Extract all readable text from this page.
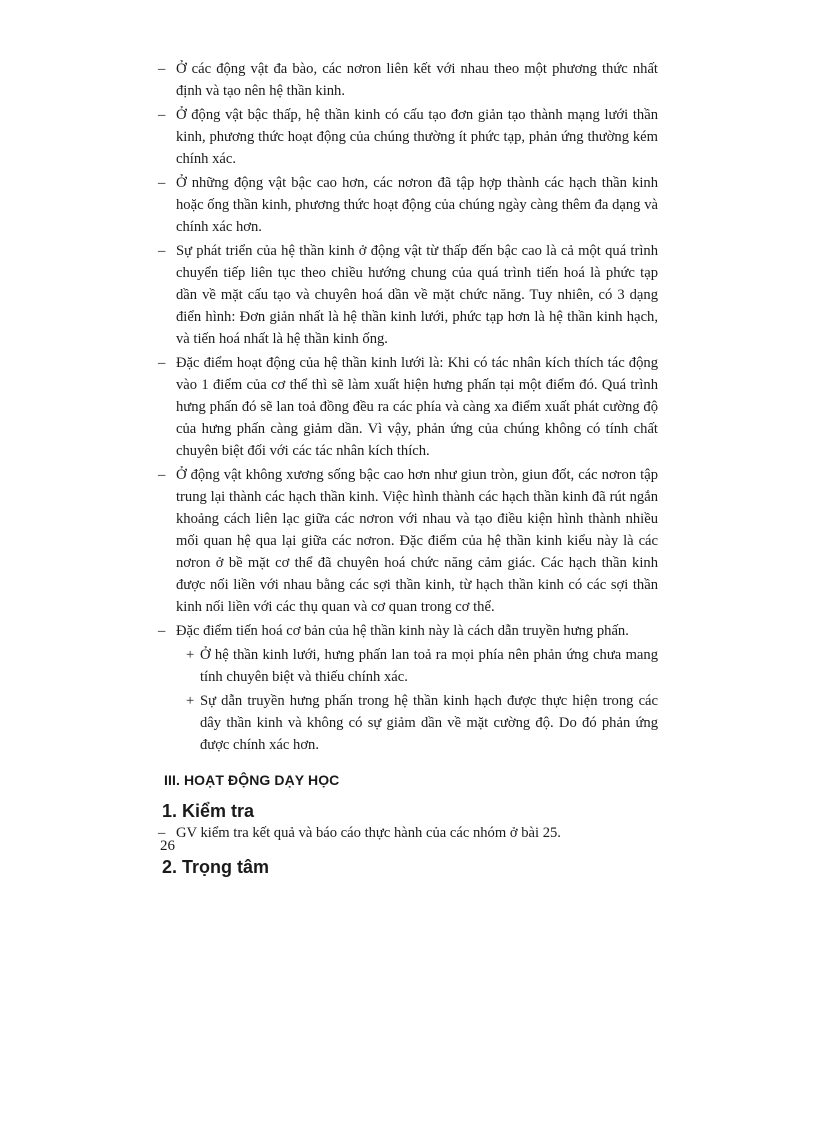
– Ở các động vật đa bào, các nơron liên kết với nhau theo một phương thức nhất định và tạo nên hệ thần kinh.
– Ở động vật bậc thấp, hệ thần kinh có cấu tạo đơn giản tạo thành mạng lưới thần kinh, phương thức hoạt động của chúng thường ít phức tạp, phản ứng thường kém chính xác.
– Ở những động vật bậc cao hơn, các nơron đã tập hợp thành các hạch thần kinh hoặc ống thần kinh, phương thức hoạt động của chúng ngày càng thêm đa dạng và chính xác hơn.
– Sự phát triển của hệ thần kinh ở động vật từ thấp đến bậc cao là cả một quá trình chuyển tiếp liên tục theo chiều hướng chung của quá trình tiến hoá là phức tạp dần về mặt cấu tạo và chuyên hoá dần về mặt chức năng. Tuy nhiên, có 3 dạng điển hình: Đơn giản nhất là hệ thần kinh lưới, phức tạp hơn là hệ thần kinh hạch, và tiến hoá nhất là hệ thần kinh ống.
– Đặc điểm hoạt động của hệ thần kinh lưới là: Khi có tác nhân kích thích tác động vào 1 điểm của cơ thể thì sẽ làm xuất hiện hưng phấn tại một điểm đó. Quá trình hưng phấn đó sẽ lan toả đồng đều ra các phía và càng xa điểm xuất phát cường độ của hưng phấn càng giảm dần. Vì vậy, phản ứng của chúng không có tính chất chuyên biệt đối với các tác nhân kích thích.
– Ở động vật không xương sống bậc cao hơn như giun tròn, giun đốt, các nơron tập trung lại thành các hạch thần kinh. Việc hình thành các hạch thần kinh đã rút ngắn khoảng cách liên lạc giữa các nơron với nhau và tạo điều kiện hình thành nhiều mối quan hệ qua lại giữa các nơron. Đặc điểm của hệ thần kinh kiểu này là các nơron ở bề mặt cơ thể đã chuyên hoá chức năng cảm giác. Các hạch thần kinh được nối liền với nhau bằng các sợi thần kinh, từ hạch thần kinh có các sợi thần kinh nối liền với các thụ quan và cơ quan trong cơ thể.
– Đặc điểm tiến hoá cơ bản của hệ thần kinh này là cách dẫn truyền hưng phấn.
+ Ở hệ thần kinh lưới, hưng phấn lan toả ra mọi phía nên phản ứng chưa mang tính chuyên biệt và thiếu chính xác.
+ Sự dẫn truyền hưng phấn trong hệ thần kinh hạch được thực hiện trong các dây thần kinh và không có sự giảm dần về mặt cường độ. Do đó phản ứng được chính xác hơn.
III. HOẠT ĐỘNG DẠY HỌC
1. Kiểm tra
– GV kiểm tra kết quả và báo cáo thực hành của các nhóm ở bài 25.
2. Trọng tâm
26
